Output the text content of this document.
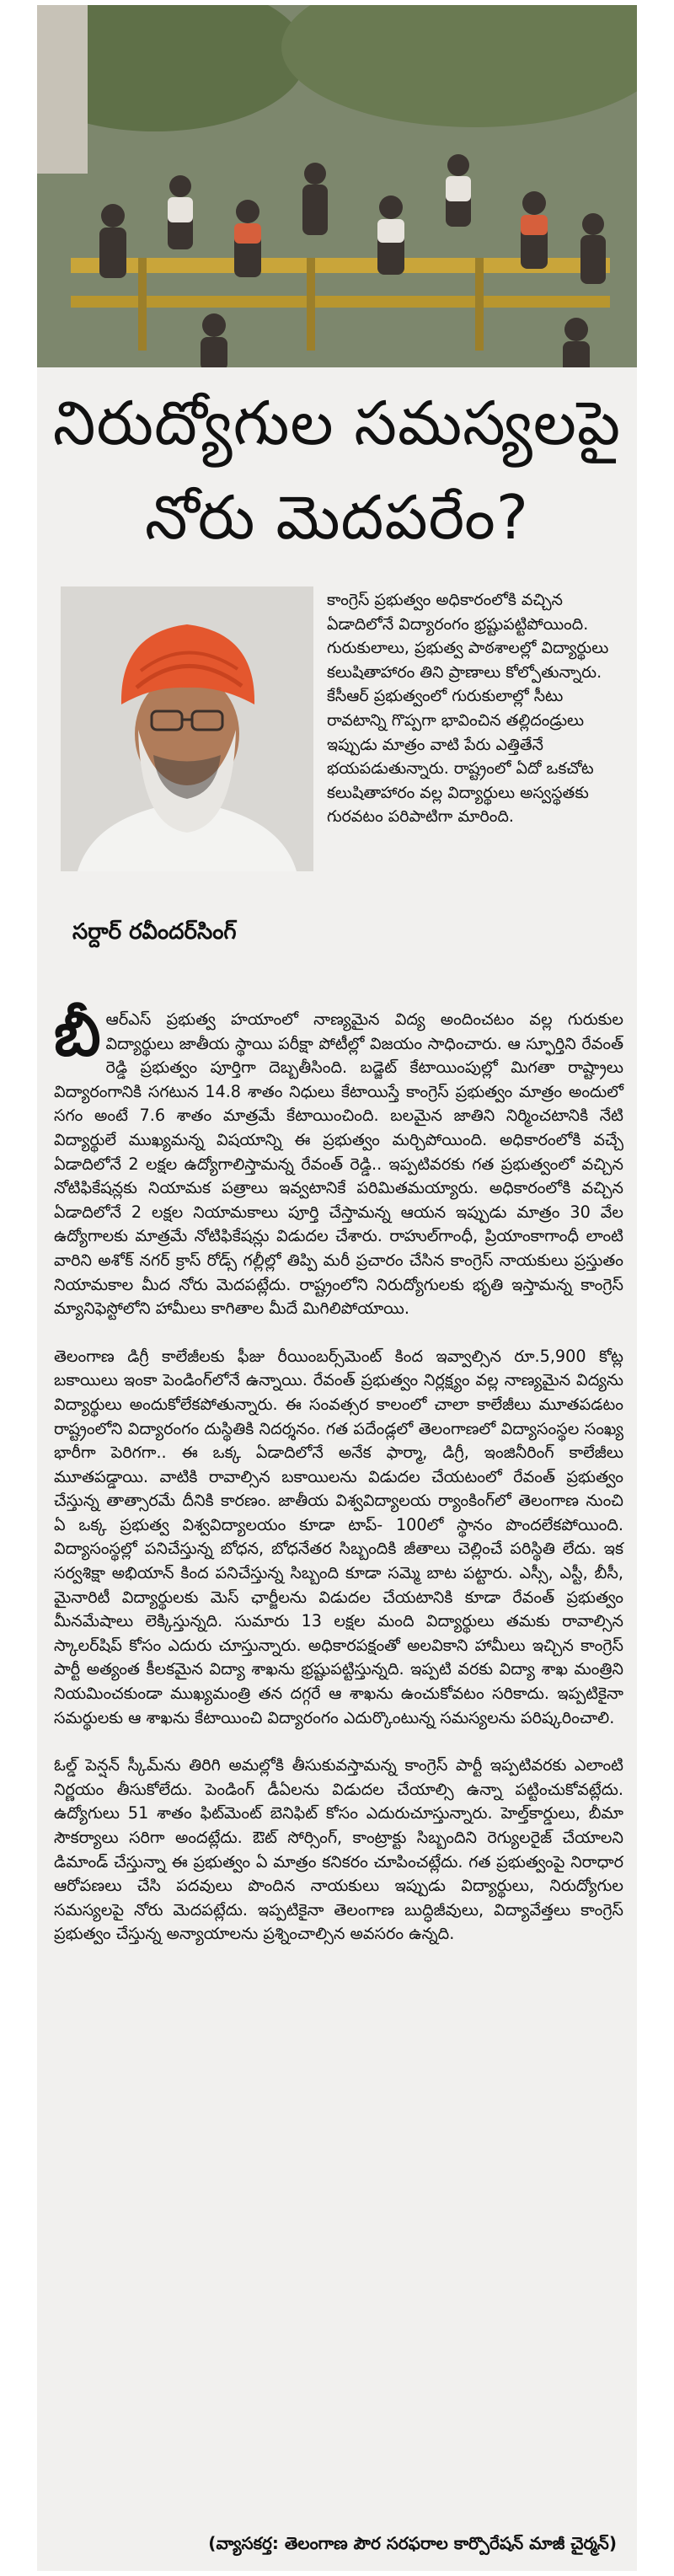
నిరుద్యోగుల సమస్యలపై
నోరు మెదపరేం?

కాంగ్రెస్ ప్రభుత్వం అధికారంలోకి వచ్చిన ఏడాదిలోనే విద్యారంగం భ్రష్టుపట్టిపోయింది. గురుకులాలు, ప్రభుత్వ పాఠశాలల్లో విద్యార్థులు కలుషితాహారం తిని ప్రాణాలు కోల్పోతున్నారు. కేసీఆర్ ప్రభుత్వంలో గురుకులాల్లో సీటు రావటాన్ని గొప్పగా భావించిన తల్లిదండ్రులు ఇప్పుడు మాత్రం వాటి పేరు ఎత్తితేనే భయపడుతున్నారు. రాష్ట్రంలో ఏదో ఒకచోట కలుషితాహారం వల్ల విద్యార్థులు అస్వస్థతకు గురవటం పరిపాటిగా మారింది.

సర్దార్ రవీందర్‌సింగ్

బీఆర్ఎస్ ప్రభుత్వ హయాంలో నాణ్యమైన విద్య అందించటం వల్ల గురుకుల విద్యార్థులు జాతీయ స్థాయి పరీక్షా పోటీల్లో విజయం సాధించారు. ఆ స్ఫూర్తిని రేవంత్ రెడ్డి ప్రభుత్వం పూర్తిగా దెబ్బతీసింది. బడ్జెట్ కేటాయింపుల్లో మిగతా రాష్ట్రాలు విద్యారంగానికి సగటున 14.8 శాతం నిధులు కేటాయిస్తే కాంగ్రెస్ ప్రభుత్వం మాత్రం అందులో సగం అంటే 7.6 శాతం మాత్రమే కేటాయించింది. బలమైన జాతిని నిర్మించటానికి నేటి విద్యార్థులే ముఖ్యమన్న విషయాన్ని ఈ ప్రభుత్వం మర్చిపోయింది. అధికారంలోకి వచ్చే ఏడాదిలోనే 2 లక్షల ఉద్యోగాలిస్తామన్న రేవంత్ రెడ్డి.. ఇప్పటివరకు గత ప్రభుత్వంలో వచ్చిన నోటిఫికేషన్లకు నియామక పత్రాలు ఇవ్వటానికే పరిమితమయ్యారు. అధికారంలోకి వచ్చిన ఏడాదిలోనే 2 లక్షల నియామకాలు పూర్తి చేస్తామన్న ఆయన ఇప్పుడు మాత్రం 30 వేల ఉద్యోగాలకు మాత్రమే నోటిఫికేషన్లు విడుదల చేశారు. రాహుల్‌గాంధీ, ప్రియాంకాగాంధీ లాంటి వారిని అశోక్ నగర్ క్రాస్ రోడ్స్ గల్లీల్లో తిప్పి మరీ ప్రచారం చేసిన కాంగ్రెస్ నాయకులు ప్రస్తుతం నియామకాల మీద నోరు మెదపట్లేదు. రాష్ట్రంలోని నిరుద్యోగులకు భృతి ఇస్తామన్న కాంగ్రెస్ మ్యానిఫెస్టోలోని హామీలు కాగితాల మీదే మిగిలిపోయాయి.

తెలంగాణ డిగ్రీ కాలేజీలకు ఫీజు రీయింబర్స్‌మెంట్ కింద ఇవ్వాల్సిన రూ.5,900 కోట్ల బకాయిలు ఇంకా పెండింగ్‌లోనే ఉన్నాయి. రేవంత్ ప్రభుత్వం నిర్లక్ష్యం వల్ల నాణ్యమైన విద్యను విద్యార్థులు అందుకోలేకపోతున్నారు. ఈ సంవత్సర కాలంలో చాలా కాలేజీలు మూతపడటం రాష్ట్రంలోని విద్యారంగం దుస్థితికి నిదర్శనం. గత పదేండ్లలో తెలంగాణలో విద్యాసంస్థల సంఖ్య భారీగా పెరిగగా.. ఈ ఒక్క ఏడాదిలోనే అనేక ఫార్మా, డిగ్రీ, ఇంజినీరింగ్ కాలేజీలు మూతపడ్డాయి. వాటికి రావాల్సిన బకాయిలను విడుదల చేయటంలో రేవంత్ ప్రభుత్వం చేస్తున్న తాత్సారమే దీనికి కారణం. జాతీయ విశ్వవిద్యాలయ ర్యాంకింగ్‌లో తెలంగాణ నుంచి ఏ ఒక్క ప్రభుత్వ విశ్వవిద్యాలయం కూడా టాప్‌- 100లో స్థానం పొందలేకపోయింది. విద్యాసంస్థల్లో పనిచేస్తున్న బోధన, బోధనేతర సిబ్బందికి జీతాలు చెల్లించే పరిస్థితి లేదు. ఇక సర్వశిక్షా అభియాన్ కింద పనిచేస్తున్న సిబ్బంది కూడా సమ్మె బాట పట్టారు. ఎస్సీ, ఎస్టీ, బీసీ, మైనారిటీ విద్యార్థులకు మెస్ ఛార్జీలను విడుదల చేయటానికి కూడా రేవంత్ ప్రభుత్వం మీనమేషాలు లెక్కిస్తున్నది. సుమారు 13 లక్షల మంది విద్యార్థులు తమకు రావాల్సిన స్కాలర్‌షిప్ కోసం ఎదురు చూస్తున్నారు. అధికారపక్షంతో అలవికాని హామీలు ఇచ్చిన కాంగ్రెస్ పార్టీ అత్యంత కీలకమైన విద్యా శాఖను భ్రష్టుపట్టిస్తున్నది. ఇప్పటి వరకు విద్యా శాఖ మంత్రిని నియమించకుండా ముఖ్యమంత్రి తన దగ్గరే ఆ శాఖను ఉంచుకోవటం సరికాదు. ఇప్పటికైనా సమర్థులకు ఆ శాఖను కేటాయించి విద్యారంగం ఎదుర్కొంటున్న సమస్యలను పరిష్కరించాలి.

ఓల్డ్ పెన్షన్ స్కీమ్‌ను తిరిగి అమల్లోకి తీసుకువస్తామన్న కాంగ్రెస్ పార్టీ ఇప్పటివరకు ఎలాంటి నిర్ణయం తీసుకోలేదు. పెండింగ్ డీఏలను విడుదల చేయాల్సి ఉన్నా పట్టించుకోవట్లేదు. ఉద్యోగులు 51 శాతం ఫిట్‌మెంట్ బెనిఫిట్ కోసం ఎదురుచూస్తున్నారు. హెల్త్‌కార్డులు, బీమా సౌకర్యాలు సరిగా అందట్లేదు. ఔట్ సోర్సింగ్, కాంట్రాక్టు సిబ్బందిని రెగ్యులరైజ్ చేయాలని డిమాండ్ చేస్తున్నా ఈ ప్రభుత్వం ఏ మాత్రం కనికరం చూపించట్లేదు. గత ప్రభుత్వంపై నిరాధార ఆరోపణలు చేసి పదవులు పొందిన నాయకులు ఇప్పుడు విద్యార్థులు, నిరుద్యోగుల సమస్యలపై నోరు మెదపట్లేదు. ఇప్పటికైనా తెలంగాణ బుద్ధిజీవులు, విద్యావేత్తలు కాంగ్రెస్ ప్రభుత్వం చేస్తున్న అన్యాయాలను ప్రశ్నించాల్సిన అవసరం ఉన్నది.

(వ్యాసకర్త: తెలంగాణ పౌర సరఫరాల కార్పొరేషన్ మాజీ చైర్మన్)
